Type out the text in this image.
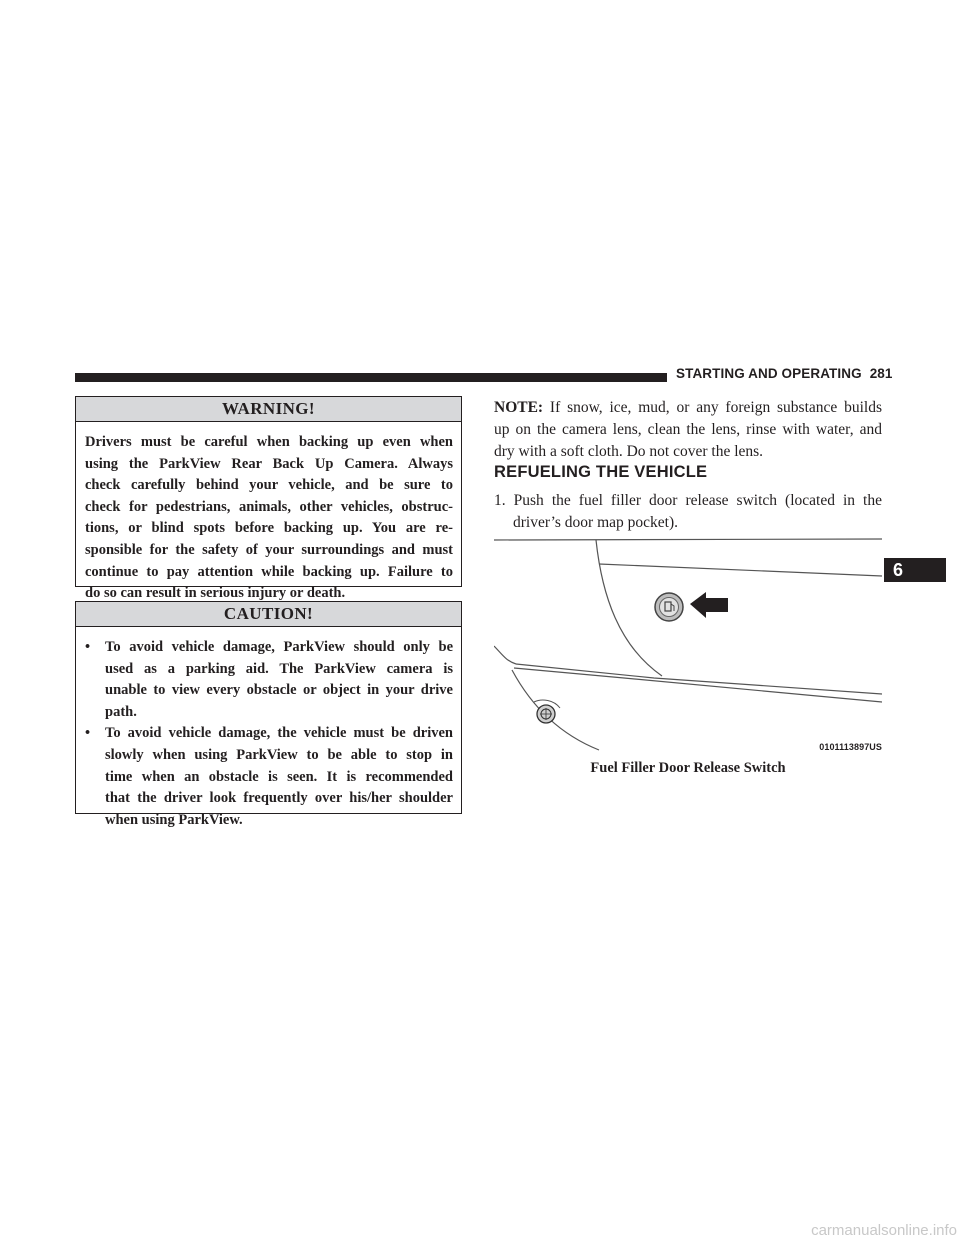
STARTING AND OPERATING 281
6
WARNING!
Drivers must be careful when backing up even when
using the ParkView Rear Back Up Camera. Always
check carefully behind your vehicle, and be sure to
check for pedestrians, animals, other vehicles, obstruc-
tions, or blind spots before backing up. You are re-
sponsible for the safety of your surroundings and must
continue to pay attention while backing up. Failure to
do so can result in serious injury or death.
CAUTION!
•	To avoid vehicle damage, ParkView should only be
used as a parking aid. The ParkView camera is
unable to view every obstacle or object in your drive
path.
•	To avoid vehicle damage, the vehicle must be driven
slowly when using ParkView to be able to stop in
time when an obstacle is seen. It is recommended
that the driver look frequently over his/her shoulder
when using ParkView.

NOTE: If snow, ice, mud, or any foreign substance builds
up on the camera lens, clean the lens, rinse with water, and
dry with a soft cloth. Do not cover the lens.

REFUELING THE VEHICLE
1. Push the fuel filler door release switch (located in the
driver’s door map pocket).
0101113897US
Fuel Filler Door Release Switch
carmanualsonline.info
